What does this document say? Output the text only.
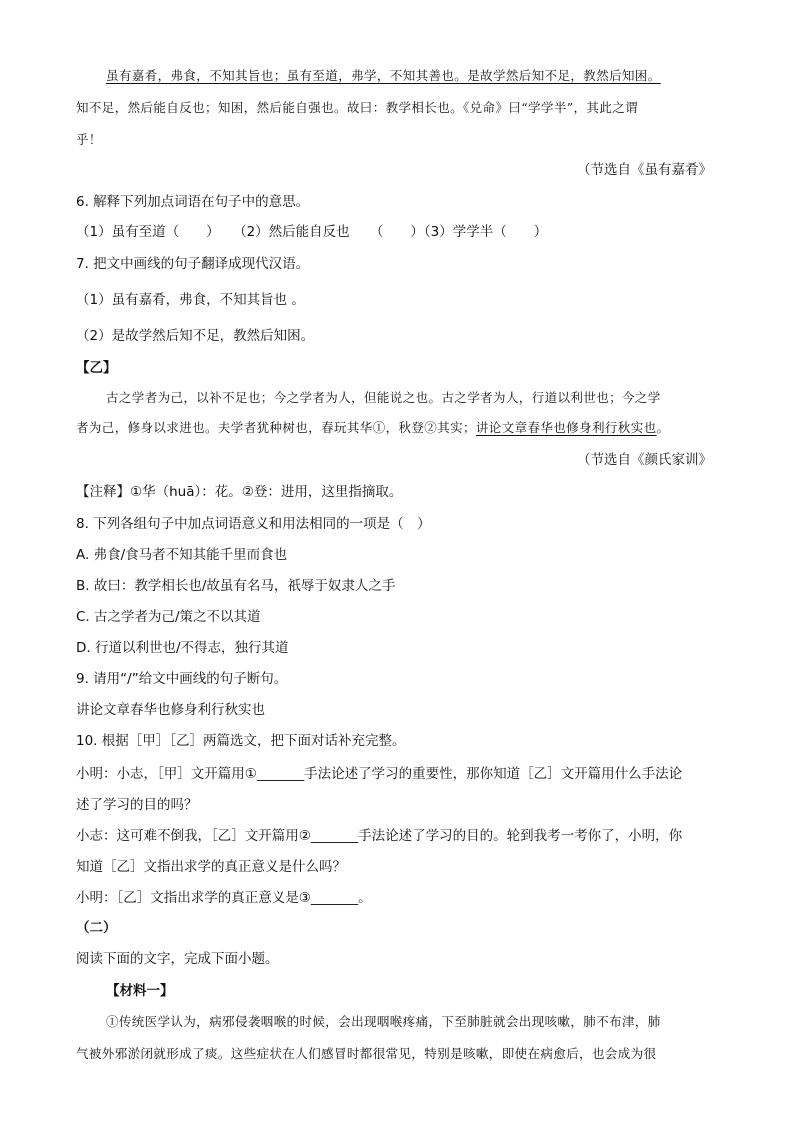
虽有嘉肴，弗食，不知其旨也；虽有至道，弗学，不知其善也。是故学然后知不足，教然后知困。
知不足，然后能自反也；知困，然后能自强也。故曰：教学相长也。《兑命》曰“学学半”，其此之谓
乎！
（节选自《虽有嘉肴》
6. 解释下列加点词语在句子中的意思。
（1）虽有至道（　　）　　（2）然后能自反也　　（　　）（3）学学半（　　）
7. 把文中画线的句子翻译成现代汉语。
（1）虽有嘉肴，弗食，不知其旨也 。
（2）是故学然后知不足，教然后知困。
【乙】
古之学者为己，以补不足也；今之学者为人，但能说之也。古之学者为人，行道以利世也；今之学
者为己，修身以求进也。夫学者犹种树也，春玩其华①，秋登②其实；讲论文章春华也修身利行秋实也。
（节选自《颜氏家训》
【注释】①华（huā）：花。②登：进用，这里指摘取。
8. 下列各组句子中加点词语意义和用法相同的一项是（　）
A. 弗食/食马者不知其能千里而食也
B. 故曰：教学相长也/故虽有名马，祇辱于奴隶人之手
C. 古之学者为己/策之不以其道
D. 行道以利世也/不得志，独行其道
9. 请用“/”给文中画线的句子断句。
讲论文章春华也修身利行秋实也
10. 根据［甲］［乙］两篇选文，把下面对话补充完整。
小明：小志，［甲］文开篇用①_______手法论述了学习的重要性，那你知道［乙］文开篇用什么手法论
述了学习的目的吗？
小志：这可难不倒我，［乙］文开篇用②_______手法论述了学习的目的。轮到我考一考你了，小明，你
知道［乙］文指出求学的真正意义是什么吗？
小明：［乙］文指出求学的真正意义是③_______。
（二）
阅读下面的文字，完成下面小题。
【材料一】
①传统医学认为，病邪侵袭咽喉的时候，会出现咽喉疼痛，下至肺脏就会出现咳嗽，肺不布津，肺
气被外邪淤闭就形成了痰。这些症状在人们感冒时都很常见，特别是咳嗽，即使在病愈后，也会成为很
